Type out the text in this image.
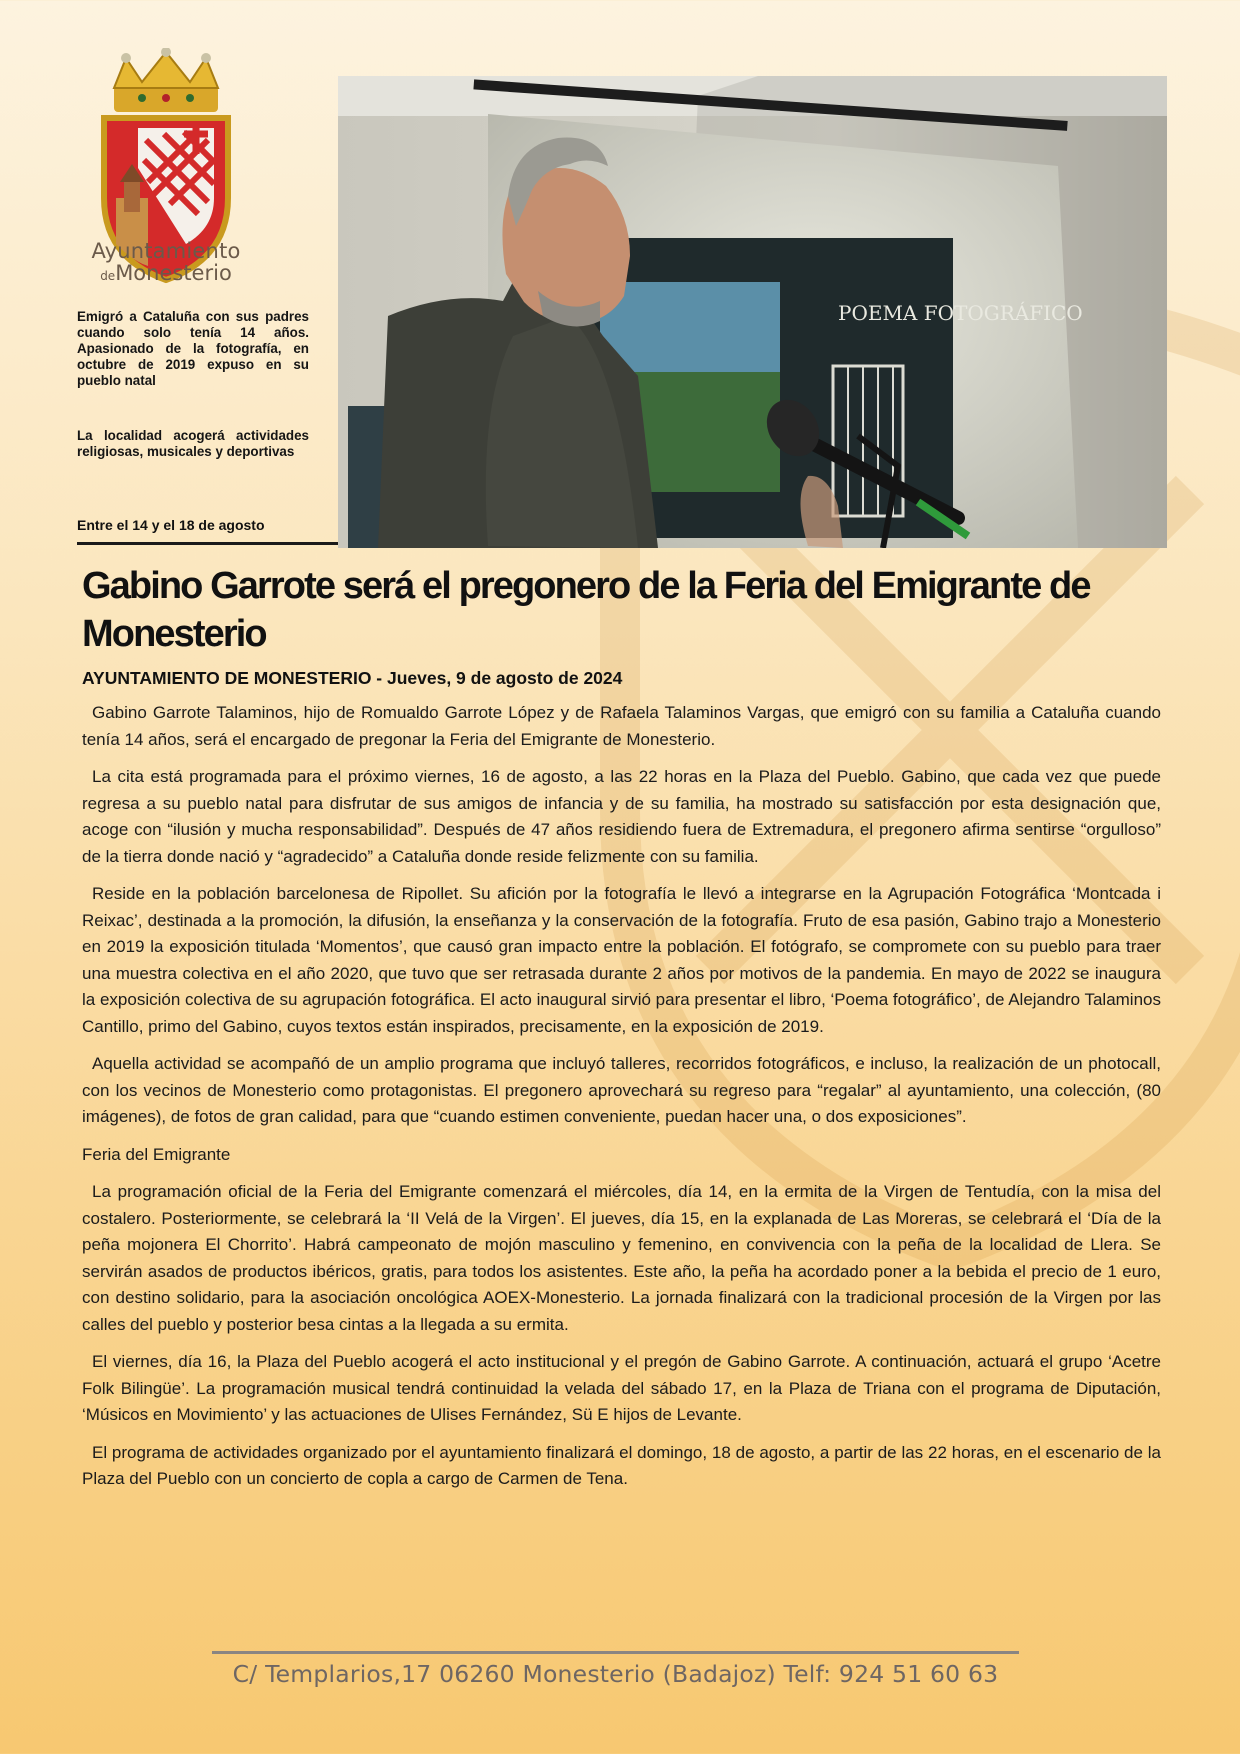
Ayuntamiento
deMonesterio
POEMA FOTOGRÁFICO
Emigró a Cataluña con sus padres cuando solo tenía 14 años. Apasionado de la fotografía, en octubre de 2019 expuso en su pueblo natal
La localidad acogerá actividades religiosas, musicales y deportivas
Entre el 14 y el 18 de agosto
Gabino Garrote será el pregonero de la Feria del Emigrante de Monesterio

AYUNTAMIENTO DE MONESTERIO - Jueves, 9 de agosto de 2024

Gabino Garrote Talaminos, hijo de Romualdo Garrote López y de Rafaela Talaminos Vargas, que emigró con su familia a Cataluña cuando tenía 14 años, será el encargado de pregonar la Feria del Emigrante de Monesterio.

La cita está programada para el próximo viernes, 16 de agosto, a las 22 horas en la Plaza del Pueblo. Gabino, que cada vez que puede regresa a su pueblo natal para disfrutar de sus amigos de infancia y de su familia, ha mostrado su satisfacción por esta designación que, acoge con “ilusión y mucha responsabilidad”. Después de 47 años residiendo fuera de Extremadura, el pregonero afirma sentirse “orgulloso” de la tierra donde nació y “agradecido” a Cataluña donde reside felizmente con su familia.

Reside en la población barcelonesa de Ripollet. Su afición por la fotografía le llevó a integrarse en la Agrupación Fotográfica ‘Montcada i Reixac’, destinada a la promoción, la difusión, la enseñanza y la conservación de la fotografía. Fruto de esa pasión, Gabino trajo a Monesterio en 2019 la exposición titulada ‘Momentos’, que causó gran impacto entre la población. El fotógrafo, se compromete con su pueblo para traer una muestra colectiva en el año 2020, que tuvo que ser retrasada durante 2 años por motivos de la pandemia. En mayo de 2022 se inaugura la exposición colectiva de su agrupación fotográfica. El acto inaugural sirvió para presentar el libro, ‘Poema fotográfico’, de Alejandro Talaminos Cantillo, primo del Gabino, cuyos textos están inspirados, precisamente, en la exposición de 2019.

Aquella actividad se acompañó de un amplio programa que incluyó talleres, recorridos fotográficos, e incluso, la realización de un photocall, con los vecinos de Monesterio como protagonistas. El pregonero aprovechará su regreso para “regalar” al ayuntamiento, una colección, (80 imágenes), de fotos de gran calidad, para que “cuando estimen conveniente, puedan hacer una, o dos exposiciones”.

Feria del Emigrante

La programación oficial de la Feria del Emigrante comenzará el miércoles, día 14, en la ermita de la Virgen de Tentudía, con la misa del costalero. Posteriormente, se celebrará la ‘II Velá de la Virgen’. El jueves, día 15, en la explanada de Las Moreras, se celebrará el ‘Día de la peña mojonera El Chorrito’. Habrá campeonato de mojón masculino y femenino, en convivencia con la peña de la localidad de Llera. Se servirán asados de productos ibéricos, gratis, para todos los asistentes. Este año, la peña ha acordado poner a la bebida el precio de 1 euro, con destino solidario, para la asociación oncológica AOEX-Monesterio. La jornada finalizará con la tradicional procesión de la Virgen por las calles del pueblo y posterior besa cintas a la llegada a su ermita.

El viernes, día 16, la Plaza del Pueblo acogerá el acto institucional y el pregón de Gabino Garrote. A continuación, actuará el grupo ‘Acetre Folk Bilingüe’. La programación musical tendrá continuidad la velada del sábado 17, en la Plaza de Triana con el programa de Diputación, ‘Músicos en Movimiento’ y las actuaciones de Ulises Fernández, Sü E hijos de Levante.

El programa de actividades organizado por el ayuntamiento finalizará el domingo, 18 de agosto, a partir de las 22 horas, en el escenario de la Plaza del Pueblo con un concierto de copla a cargo de Carmen de Tena.

C/ Templarios,17 06260 Monesterio (Badajoz) Telf: 924 51 60 63
